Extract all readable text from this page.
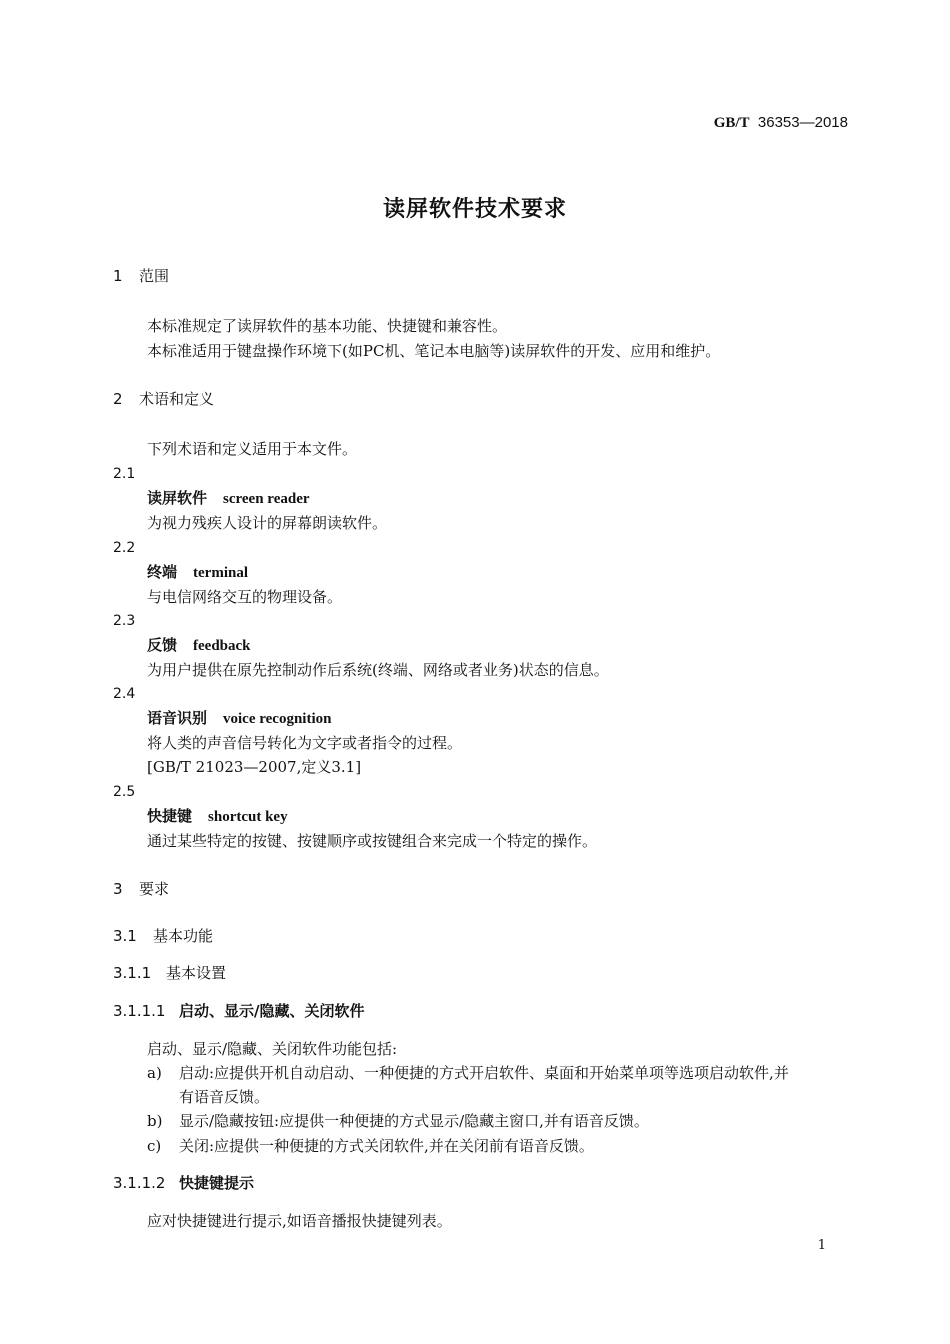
GB/T 36353—2018
读屏软件技术要求
1 范围
本标准规定了读屏软件的基本功能、快捷键和兼容性。
本标准适用于键盘操作环境下(如PC机、笔记本电脑等)读屏软件的开发、应用和维护。
2 术语和定义
下列术语和定义适用于本文件。
2.1
读屏软件 screen reader
为视力残疾人设计的屏幕朗读软件。
2.2
终端 terminal
与电信网络交互的物理设备。
2.3
反馈 feedback
为用户提供在原先控制动作后系统(终端、网络或者业务)状态的信息。
2.4
语音识别 voice recognition
将人类的声音信号转化为文字或者指令的过程。
[GB/T 21023—2007,定义3.1]
2.5
快捷键 shortcut key
通过某些特定的按键、按键顺序或按键组合来完成一个特定的操作。
3 要求
3.1 基本功能
3.1.1 基本设置
3.1.1.1 启动、显示/隐藏、关闭软件
启动、显示/隐藏、关闭软件功能包括:
a) 启动:应提供开机自动启动、一种便捷的方式开启软件、桌面和开始菜单项等选项启动软件,并
有语音反馈。
b) 显示/隐藏按钮:应提供一种便捷的方式显示/隐藏主窗口,并有语音反馈。
c) 关闭:应提供一种便捷的方式关闭软件,并在关闭前有语音反馈。
3.1.1.2 快捷键提示
应对快捷键进行提示,如语音播报快捷键列表。
1
